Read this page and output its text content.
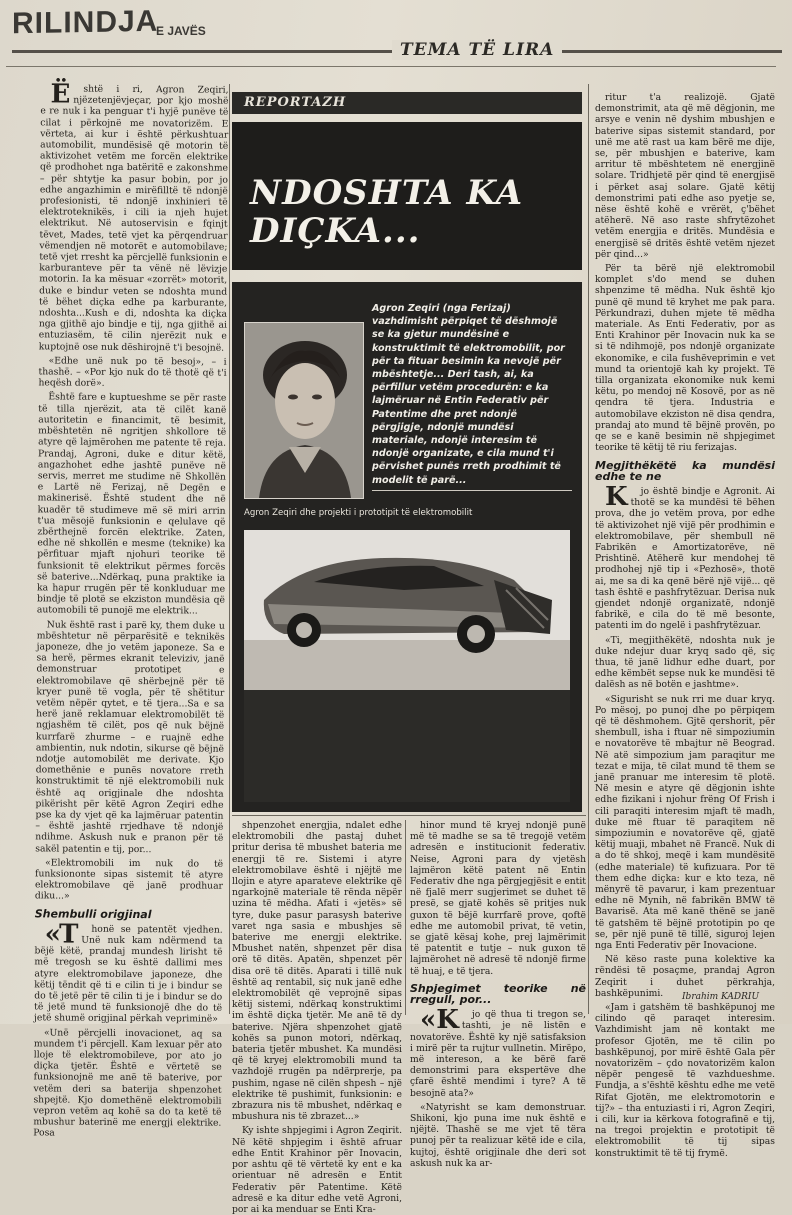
RILINDJA
E JAVËS
TEMA TË LIRA

Është i ri, Agron Zeqiri, njëzetenjëvjeçar, por kjo moshë e re nuk i ka penguar t'i hyjë punëve të cilat i përkojnë me novatorizëm. E vërteta, ai kur i është përkushtuar automobilit, mundësisë që motorin të aktivizohet vetëm me forcën elektrike që prodhohet nga batëritë e zakonshme – për shtytje ka pasur bobin, por jo edhe angazhimin e mirëfilltë të ndonjë profesionisti, të ndonjë inxhinieri të elektroteknikës, i cili ia njeh hujet elektrikut. Në autoservisin e fqinjt tëvet, Mades, tetë vjet ka përqendruar vëmendjen në motorët e automobilave; tetë vjet rresht ka përcjellë funksionin e karburanteve për ta vënë në lëvizje motorin. Ia ka mësuar «zorrët» motorit, duke e bindur veten se ndoshta mund të bëhet diçka edhe pa karburante, ndoshta...Kush e di, ndoshta ka diçka nga gjithë ajo bindje e tij, nga gjithë ai entuziasëm, të cilin njerëzit nuk e kuptojnë ose nuk dëshirojnë t'i besojnë.

«Edhe unë nuk po të besoj», – i thashë. – «Por kjo nuk do të thotë që t'i heqësh dorë».

Është fare e kuptueshme se për raste të tilla njerëzit, ata të cilët kanë autoritetin e financimit, të besimit, mbështetën në ngritjen shkollore të atyre që lajmërohen me patente të reja. Prandaj, Agroni, duke e ditur këtë, angazhohet edhe jashtë punëve në servis, merret me studime në Shkollën e Lartë në Ferizaj, në Degën e makinerisë. Është student dhe në kuadër të studimeve më së miri arrin t'ua mësojë funksionin e qelulave që zbërthejnë forcën elektrike. Zaten, edhe në shkollën e mesme (teknike) ka përfituar mjaft njohuri teorike të funksionit të elektrikut përmes forcës së baterive...Ndërkaq, puna praktike ia ka hapur rrugën për të konkluduar me bindje të plotë se ekziston mundësia që automobili të punojë me elektrik...

Nuk është rast i parë ky, them duke u mbështetur në përparësitë e teknikës japoneze, dhe jo vetëm japoneze. Sa e sa herë, përmes ekranit televiziv, janë demonstruar prototipet e elektromobilave që shërbejnë për të kryer punë të vogla, për të shëtitur vetëm nëpër qytet, e të tjera...Sa e sa herë janë reklamuar elektromobilët të ngjashëm të cilët, pos që nuk bëjnë kurrfarë zhurme – e ruajnë edhe ambientin, nuk ndotin, sikurse që bëjnë ndotje automobilët me derivate. Kjo domethënie e punës novatore rreth konstruktimit të një elektromobili nuk është aq origjinale dhe ndoshta pikërisht për këtë Agron Zeqiri edhe pse ka dy vjet që ka lajmëruar patentin – është jashtë rrjedhave të ndonjë ndihme. Askush nuk e pranon për të sakël patentin e tij, por...

«Elektromobili im nuk do të funksiononte sipas sistemit të atyre elektromobilave që janë prodhuar diku...»

Shembulli origjinal

«Thonë se patentët vjedhen. Unë nuk kam ndërmend ta bëjë këtë, prandaj mundesh lirisht të më tregosh se ku është dallimi mes atyre elektromobilave japoneze, dhe këtij tëndit që ti e cilin ti je i bindur se do të jetë për të cilin ti je i bindur se do të jetë mund të funksionojë dhe do të jetë shumë origjinal përkah vepriminë»

«Unë përcjelli inovacionet, aq sa mundem t'i përcjell. Kam lexuar për ato lloje të elektromobileve, por ato jo diçka tjetër. Është e vërtetë se funksionojnë me anë të baterive, por vetëm deri sa baterija shpenzohet shpejtë. Kjo domethënë elektromobili vepron vetëm aq kohë sa do ta ketë të mbushur baterinë me energji elektrike. Posa

REPORTAZH
NDOSHTA KA DIÇKA...
Agron Zeqiri (nga Ferizaj) vazhdimisht përpiqet të dëshmojë se ka gjetur mundësinë e konstruktimit të elektromobilit, por për ta fituar besimin ka nevojë për mbështetje... Deri tash, ai, ka përfillur vetëm procedurën: e ka lajmëruar në Entin Federativ për Patentime dhe pret ndonjë përgjigje, ndonjë mundësi materiale, ndonjë interesim të ndonjë organizate, e cila mund t'i përvishet punës rreth prodhimit të modelit të parë...
Agron Zeqiri dhe projekti i prototipit të elektromobilit

shpenzohet energjia, ndalet edhe elektromobili dhe pastaj duhet pritur derisa të mbushet bateria me energji të re. Sistemi i atyre elektromobilave është i njëjtë me llojin e atyre aparateve elektrike që ngarkojnë materiale të rënda nëpër uzina të mëdha. Afati i «jetës» së tyre, duke pasur parasysh baterive varet nga sasia e mbushjes së baterive me energji elektrike. Mbushet natën, shpenzet për disa orë të ditës. Apatën, shpenzet për disa orë të ditës. Aparati i tillë nuk është aq rentabil, siç nuk janë edhe elektromobilët që veprojnë sipas këtij sistemi, ndërkaq konstruktimi im është diçka tjetër. Me anë të dy baterive. Njëra shpenzohet gjatë kohës sa punon motori, ndërkaq, bateria tjetër mbushet. Ka mundësi që të kryej elektromobili mund ta vazhdojë rrugën pa ndërprerje, pa pushim, ngase në cilën shpesh – një elektrike të pushimit, funksionin: e zbrazura nis të mbushet, ndërkaq e mbushura nis të zbrazet...»

Ky ishte shpjegimi i Agron Zeqirit. Në këtë shpjegim i është afruar edhe Entit Krahinor për Inovacin, por ashtu që të vërtetë ky ent e ka orientuar në adresën e Entit Federativ për Patentime. Këtë adresë e ka ditur edhe vetë Agroni, por ai ka menduar se Enti Kra-

hinor mund të kryej ndonjë punë më të madhe se sa të tregojë vetëm adresën e institucionit federativ. Neise, Agroni para dy vjetësh lajmëron këtë patent në Entin Federativ dhe nga përgjegjësit e entit në fjalë merr sugjerimet se duhet të presë, se gjatë kohës së pritjes nuk guxon të bëjë kurrfarë prove, qoftë edhe me automobil privat, të vetin, se gjatë kësaj kohe, prej lajmërimit të patentit e tutje – nuk guxon të lajmërohet në adresë të ndonjë firme të huaj, e të tjera.

Shpjegimet teorike në rregull, por...

«Kjo që thua ti tregon se, tashti, je në listën e novatorëve. Është ky një satisfaksion i mirë për ta rujtur vullnetin. Mirëpo, më intereson, a ke bërë farë demonstrimi para ekspertëve dhe çfarë është mendimi i tyre? A të besojnë ata?»

«Natyrisht se kam demonstruar. Shikoni, kjo puna ime nuk është e njëjtë. Thashë se me vjet të tëra punoj për ta realizuar këtë ide e cila, kujtoj, është origjinale dhe deri sot askush nuk ka ar-

ritur t'a realizojë. Gjatë demonstrimit, ata që më dëgjonin, me arsye e venin në dyshim mbushjen e baterive sipas sistemit standard, por unë me atë rast ua kam bërë me dije, se, për mbushjen e baterive, kam arritur të mbështetem në energjinë solare. Tridhjetë për qind të energjisë i përket asaj solare. Gjatë këtij demonstrimi pati edhe aso pyetje se, nëse është kohë e vrërët, ç'bëhet atëherë. Në aso raste shfrytëzohet vetëm energjia e dritës. Mundësia e energjisë së dritës është vetëm njezet për qind...»

Për ta bërë një elektromobil komplet s'do mend se duhen shpenzime të mëdha. Nuk është kjo punë që mund të kryhet me pak para. Përkundrazi, duhen mjete të mëdha materiale. As Enti Federativ, por as Enti Krahinor për Inovacin nuk ka se si të ndihmojë, pos ndonjë organizate ekonomike, e cila fushëveprimin e vet mund ta orientojë kah ky projekt. Të tilla organizata ekonomike nuk kemi këtu, po mendoj në Kosovë, por as në qendra të tjera. Industria e automobilave ekziston në disa qendra, prandaj ato mund të bëjnë provën, po qe se e kanë besimin në shpjegimet teorike të këtij të riu ferizajas.

Megjithëkëtë ka mundësi edhe te ne

Kjo është bindje e Agronit. Ai thotë se ka mundësi të bëhen prova, dhe jo vetëm prova, por edhe të aktivizohet një vijë për prodhimin e elektromobilave, për shembull në Fabrikën e Amortizatorëve, në Prishtinë. Atëherë kur mendohej të prodhohej një tip i «Pezhosë», thotë ai, me sa di ka qenë bërë një vijë... që tash është e pashfrytëzuar. Derisa nuk gjendet ndonjë organizatë, ndonjë fabrikë, e cila do të më besonte, patenti im do ngelë i pashfrytëzuar.

«Ti, megjithëkëtë, ndoshta nuk je duke ndejur duar kryq sado që, siç thua, të janë lidhur edhe duart, por edhe këmbët sepse nuk ke mundësi të dalësh as në botën e jashtme».

«Sigurisht se nuk rri me duar kryq. Po mësoj, po punoj dhe po përpiqem që të dëshmohem. Gjtë qershorit, për shembull, isha i ftuar në simpoziumin e novatorëve të mbajtur në Beograd. Në atë simpozium jam paraqitur me tezat e mija, të cilat mund të them se janë pranuar me interesim të plotë. Në mesin e atyre që dëgjonin ishte edhe fizikani i njohur frëng Of Frish i cili paraqiti interesim mjaft të madh, duke më ftuar të paraqitem në simpoziumin e novatorëve që, gjatë këtij muaji, mbahet në Francë. Nuk di a do të shkoj, meqë i kam mundësitë (edhe materiale) të kufizuara. Por të them edhe diçka: kur e kto teza, në mënyrë të pavarur, i kam prezentuar edhe në Mynih, në fabrikën BMW të Bavarisë. Ata më kanë thënë se janë të gatshëm të bëjnë prototipin po qe se, për një punë të tillë, siguroj lejen nga Enti Federativ për Inovacione.

Në këso raste puna kolektive ka rëndësi të posaçme, prandaj Agron Zeqirit i duhet përkrahja, bashkëpunimi.

«Jam i gatshëm të bashkëpunoj me cilindo që paraqet interesim. Vazhdimisht jam në kontakt me profesor Gjotën, me të cilin po bashkëpunoj, por mirë është Gala për novatorizëm – çdo novatorizëm kalon nëpër pengesë të vazhdueshme. Fundja, a s'është kështu edhe me vetë Rifat Gjotën, me elektromotorin e tij?» – tha entuziasti i ri, Agron Zeqiri, i cili, kur ia kërkova fotografinë e tij, na tregoi projektin e prototipit të elektromobilit të tij sipas konstruktimit të të tij frymë.

Ibrahim KADRIU
